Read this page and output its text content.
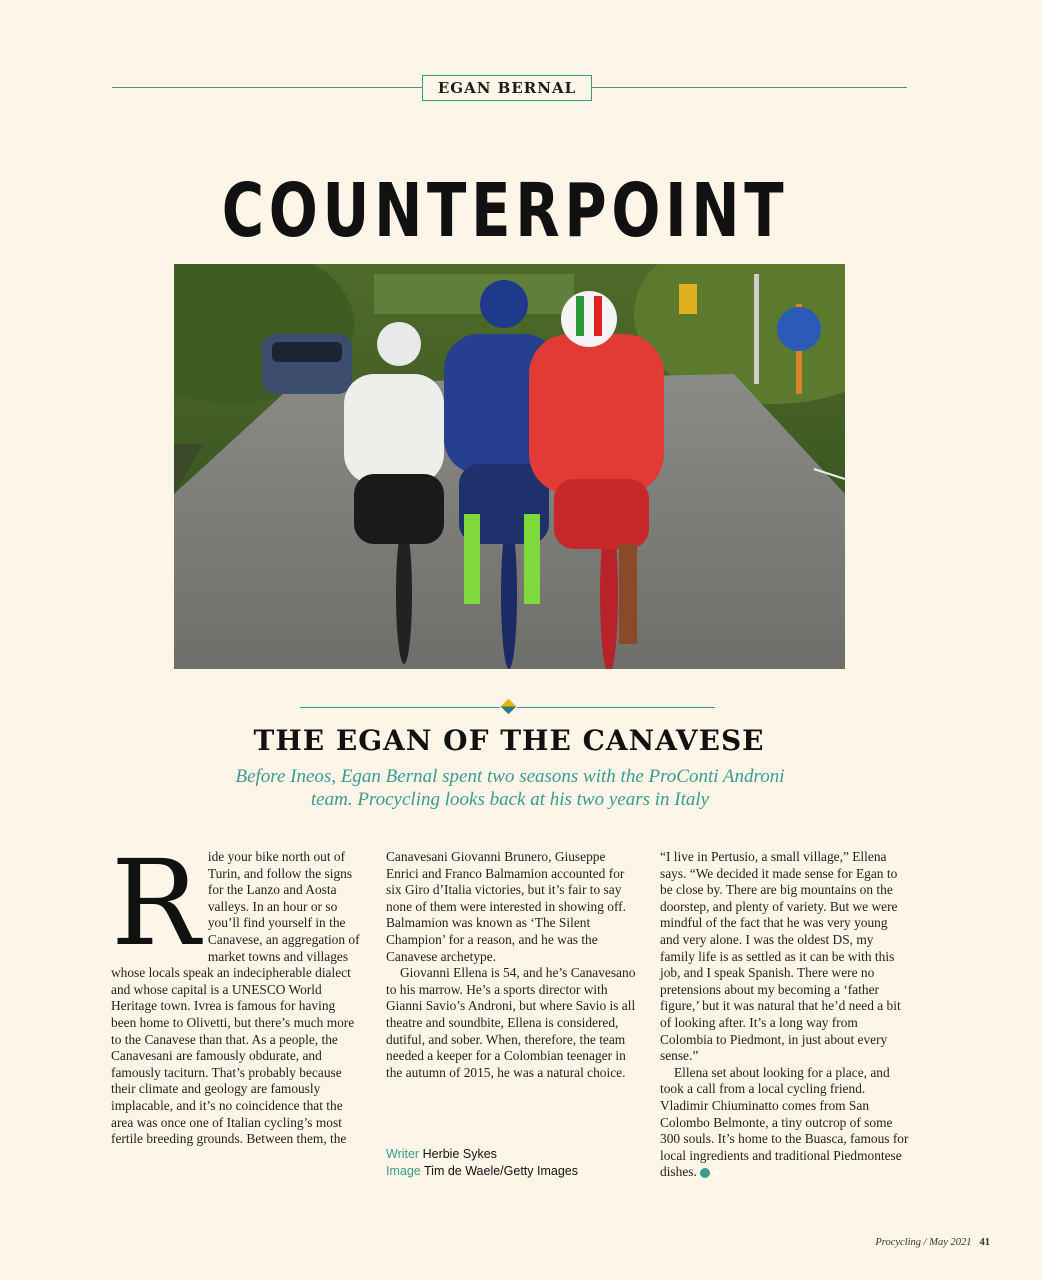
EGAN BERNAL
COUNTERPOINT
THE EGAN OF THE CANAVESE
Before Ineos, Egan Bernal spent two seasons with the ProConti Androni team. Procycling looks back at his two years in Italy

Ride your bike north out of Turin, and follow the signs for the Lanzo and Aosta valleys. In an hour or so you’ll find yourself in the Canavese, an aggregation of market towns and villages whose locals speak an indecipherable dialect and whose capital is a UNESCO World Heritage town. Ivrea is famous for having been home to Olivetti, but there’s much more to the Canavese than that. As a people, the Canavesani are famously obdurate, and famously taciturn. That’s probably because their climate and geology are famously implacable, and it’s no coincidence that the area was once one of Italian cycling’s most fertile breeding grounds. Between them, the

Canavesani Giovanni Brunero, Giuseppe Enrici and Franco Balmamion accounted for six Giro d’Italia victories, but it’s fair to say none of them were interested in showing off. Balmamion was known as ‘The Silent Champion’ for a reason, and he was the Canavese archetype.

Giovanni Ellena is 54, and he’s Canavesano to his marrow. He’s a sports director with Gianni Savio’s Androni, but where Savio is all theatre and soundbite, Ellena is considered, dutiful, and sober. When, therefore, the team needed a keeper for a Colombian teenager in the autumn of 2015, he was a natural choice.

Writer Herbie Sykes
Image Tim de Waele/Getty Images

“I live in Pertusio, a small village,” Ellena says. “We decided it made sense for Egan to be close by. There are big mountains on the doorstep, and plenty of variety. But we were mindful of the fact that he was very young and very alone. I was the oldest DS, my family life is as settled as it can be with this job, and I speak Spanish. There were no pretensions about my becoming a ‘father figure,’ but it was natural that he’d need a bit of looking after. It’s a long way from Colombia to Piedmont, in just about every sense.”

Ellena set about looking for a place, and took a call from a local cycling friend. Vladimir Chiuminatto comes from San Colombo Belmonte, a tiny outcrop of some 300 souls. It’s home to the Buasca, famous for local ingredients and traditional Piedmontese dishes. ▶

Procycling / May 2021 41
